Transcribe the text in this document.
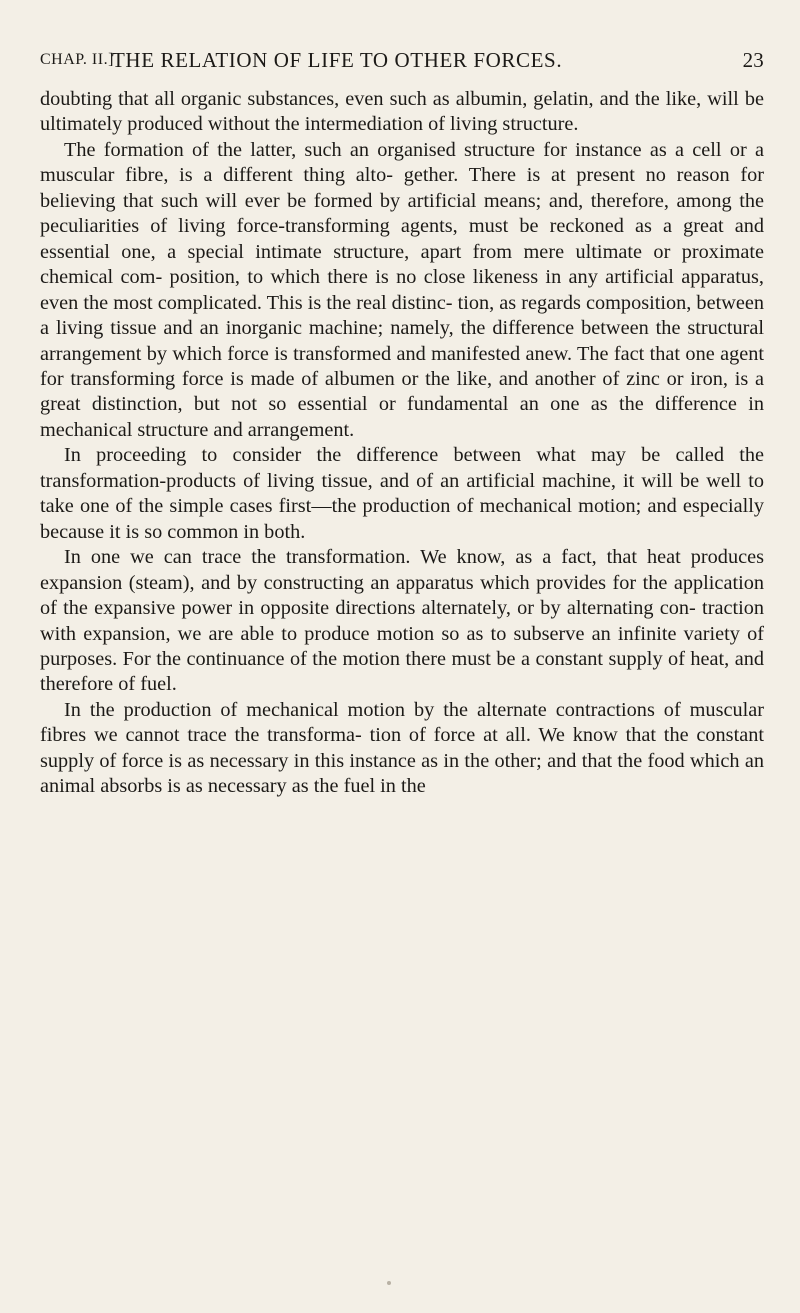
CHAP. II.]
THE RELATION OF LIFE TO OTHER FORCES.	23

doubting that all organic substances, even such as albumin, gelatin, and the like, will be ultimately produced without the intermediation of living structure.

The formation of the latter, such an organised structure for instance as a cell or a muscular fibre, is a different thing alto- gether. There is at present no reason for believing that such will ever be formed by artificial means; and, therefore, among the peculiarities of living force-transforming agents, must be reckoned as a great and essential one, a special intimate structure, apart from mere ultimate or proximate chemical com- position, to which there is no close likeness in any artificial apparatus, even the most complicated. This is the real distinc- tion, as regards composition, between a living tissue and an inorganic machine; namely, the difference between the structural arrangement by which force is transformed and manifested anew. The fact that one agent for transforming force is made of albumen or the like, and another of zinc or iron, is a great distinction, but not so essential or fundamental an one as the difference in mechanical structure and arrangement.

In proceeding to consider the difference between what may be called the transformation-products of living tissue, and of an artificial machine, it will be well to take one of the simple cases first—the production of mechanical motion; and especially because it is so common in both.

In one we can trace the transformation. We know, as a fact, that heat produces expansion (steam), and by constructing an apparatus which provides for the application of the expansive power in opposite directions alternately, or by alternating con- traction with expansion, we are able to produce motion so as to subserve an infinite variety of purposes. For the continuance of the motion there must be a constant supply of heat, and therefore of fuel.

In the production of mechanical motion by the alternate contractions of muscular fibres we cannot trace the transforma- tion of force at all. We know that the constant supply of force is as necessary in this instance as in the other; and that the food which an animal absorbs is as necessary as the fuel in the
